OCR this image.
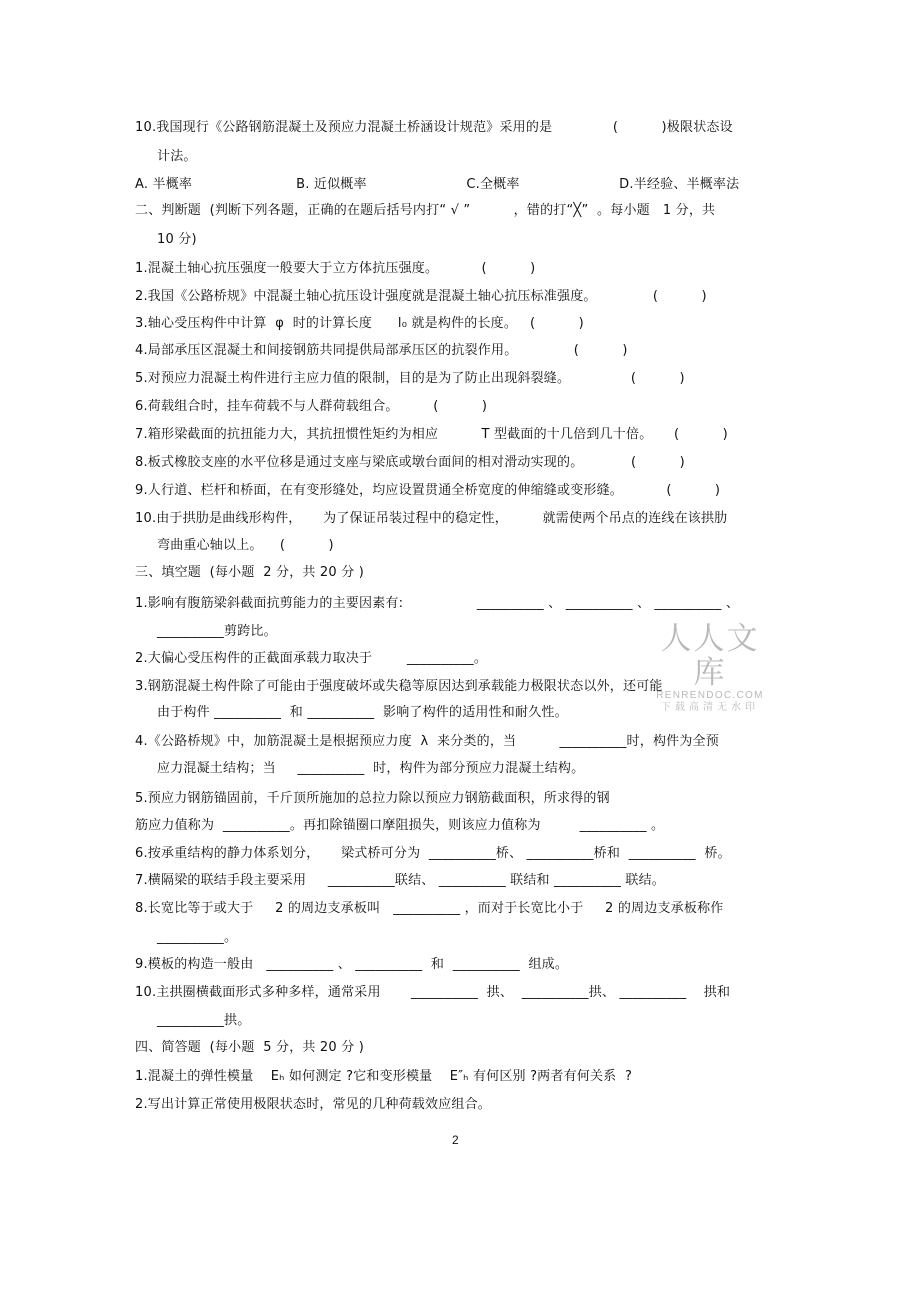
10.我国现行《公路钢筋混凝土及预应力混凝土桥涵设计规范》采用的是              (          )极限状态设
计法。
A. 半概率                        B. 近似概率                       C.全概率                       D.半经验、半概率法
二、判断题  (判断下列各题，正确的在题后括号内打“ √ ”          ，错的打“╳”  。每小题   1 分，共
10 分)
1.混凝土轴心抗压强度一般要大于立方体抗压强度。          (          )
2.我国《公路桥规》中混凝土轴心抗压设计强度就是混凝土轴心抗压标准强度。             (          )
3.轴心受压构件中计算  φ  时的计算长度      l₀ 就是构件的长度。   (          )
4.局部承压区混凝土和间接钢筋共同提供局部承压区的抗裂作用。             (          )
5.对预应力混凝土构件进行主应力值的限制，目的是为了防止出现斜裂缝。              (          )
6.荷载组合时，挂车荷载不与人群荷载组合。        (          )
7.箱形梁截面的抗扭能力大，其抗扭惯性矩约为相应          T 型截面的十几倍到几十倍。     (          )
8.板式橡胶支座的水平位移是通过支座与梁底或墩台面间的相对滑动实现的。           (          )
9.人行道、栏杆和桥面，在有变形缝处，均应设置贯通全桥宽度的伸缩缝或变形缝。          (          )
10.由于拱肋是曲线形构件，     为了保证吊装过程中的稳定性，        就需使两个吊点的连线在该拱肋
弯曲重心轴以上。    (          )
三、填空题  (每小题  2 分，共 20 分 )
1.影响有腹筋梁斜截面抗剪能力的主要因素有:                 __________ 、 __________ 、 __________ 、
__________剪跨比。
2.大偏心受压构件的正截面承载力取决于        __________。
3.钢筋混凝土构件除了可能由于强度破坏或失稳等原因达到承载能力极限状态以外，还可能
由于构件 __________  和 __________  影响了构件的适用性和耐久性。
4.《公路桥规》中，加筋混凝土是根据预应力度  λ  来分类的，当          __________时，构件为全预
应力混凝土结构；当     __________  时，构件为部分预应力混凝土结构。
5.预应力钢筋锚固前，千斤顶所施加的总拉力除以预应力钢筋截面积，所求得的钢
筋应力值称为  __________。再扣除锚圈口摩阻损失，则该应力值称为         __________ 。
6.按承重结构的静力体系划分，     梁式桥可分为  __________桥、 __________桥和  __________  桥。
7.横隔梁的联结手段主要采用     __________联结、 __________ 联结和 __________ 联结。
8.长宽比等于或大于     2 的周边支承板叫   __________ ，而对于长宽比小于     2 的周边支承板称作
__________。
9.模板的构造一般由   __________ 、 __________  和  __________  组成。
10.主拱圈横截面形式多种多样，通常采用       __________  拱、  __________拱、 __________    拱和
__________拱。
四、简答题  (每小题  5 分，共 20 分 )
1.混凝土的弹性模量    Eₕ 如何测定 ?它和变形模量    E″ₕ 有何区别 ?两者有何关系  ?
2.写出计算正常使用极限状态时，常见的几种荷载效应组合。
人人文库
RENRENDOC.COM
下载高清无水印
2
